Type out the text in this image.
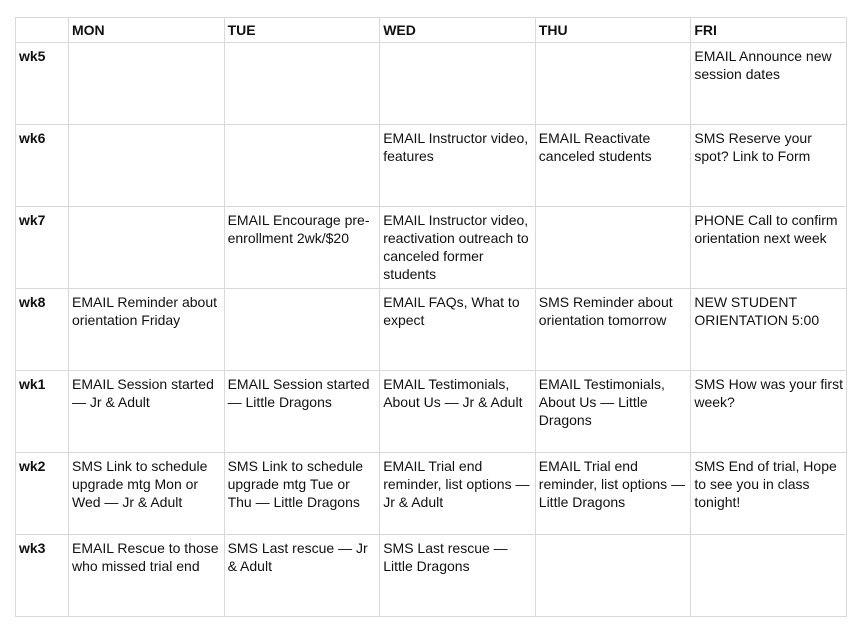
	MON	TUE	WED	THU	FRI
wk5					EMAIL Announce new session dates
wk6			EMAIL Instructor video, features	EMAIL Reactivate canceled students	SMS Reserve your spot? Link to Form
wk7		EMAIL Encourage pre-enrollment 2wk/$20	EMAIL Instructor video, reactivation outreach to canceled former students		PHONE Call to confirm orientation next week
wk8	EMAIL Reminder about orientation Friday		EMAIL FAQs, What to expect	SMS Reminder about orientation tomorrow	NEW STUDENT ORIENTATION 5:00
wk1	EMAIL Session started — Jr & Adult	EMAIL Session started — Little Dragons	EMAIL Testimonials, About Us — Jr & Adult	EMAIL Testimonials, About Us — Little Dragons	SMS How was your first week?
wk2	SMS Link to schedule upgrade mtg Mon or Wed — Jr & Adult	SMS Link to schedule upgrade mtg Tue or Thu — Little Dragons	EMAIL Trial end reminder, list options — Jr & Adult	EMAIL Trial end reminder, list options — Little Dragons	SMS End of trial, Hope to see you in class tonight!
wk3	EMAIL Rescue to those who missed trial end	SMS Last rescue — Jr & Adult	SMS Last rescue — Little Dragons		
